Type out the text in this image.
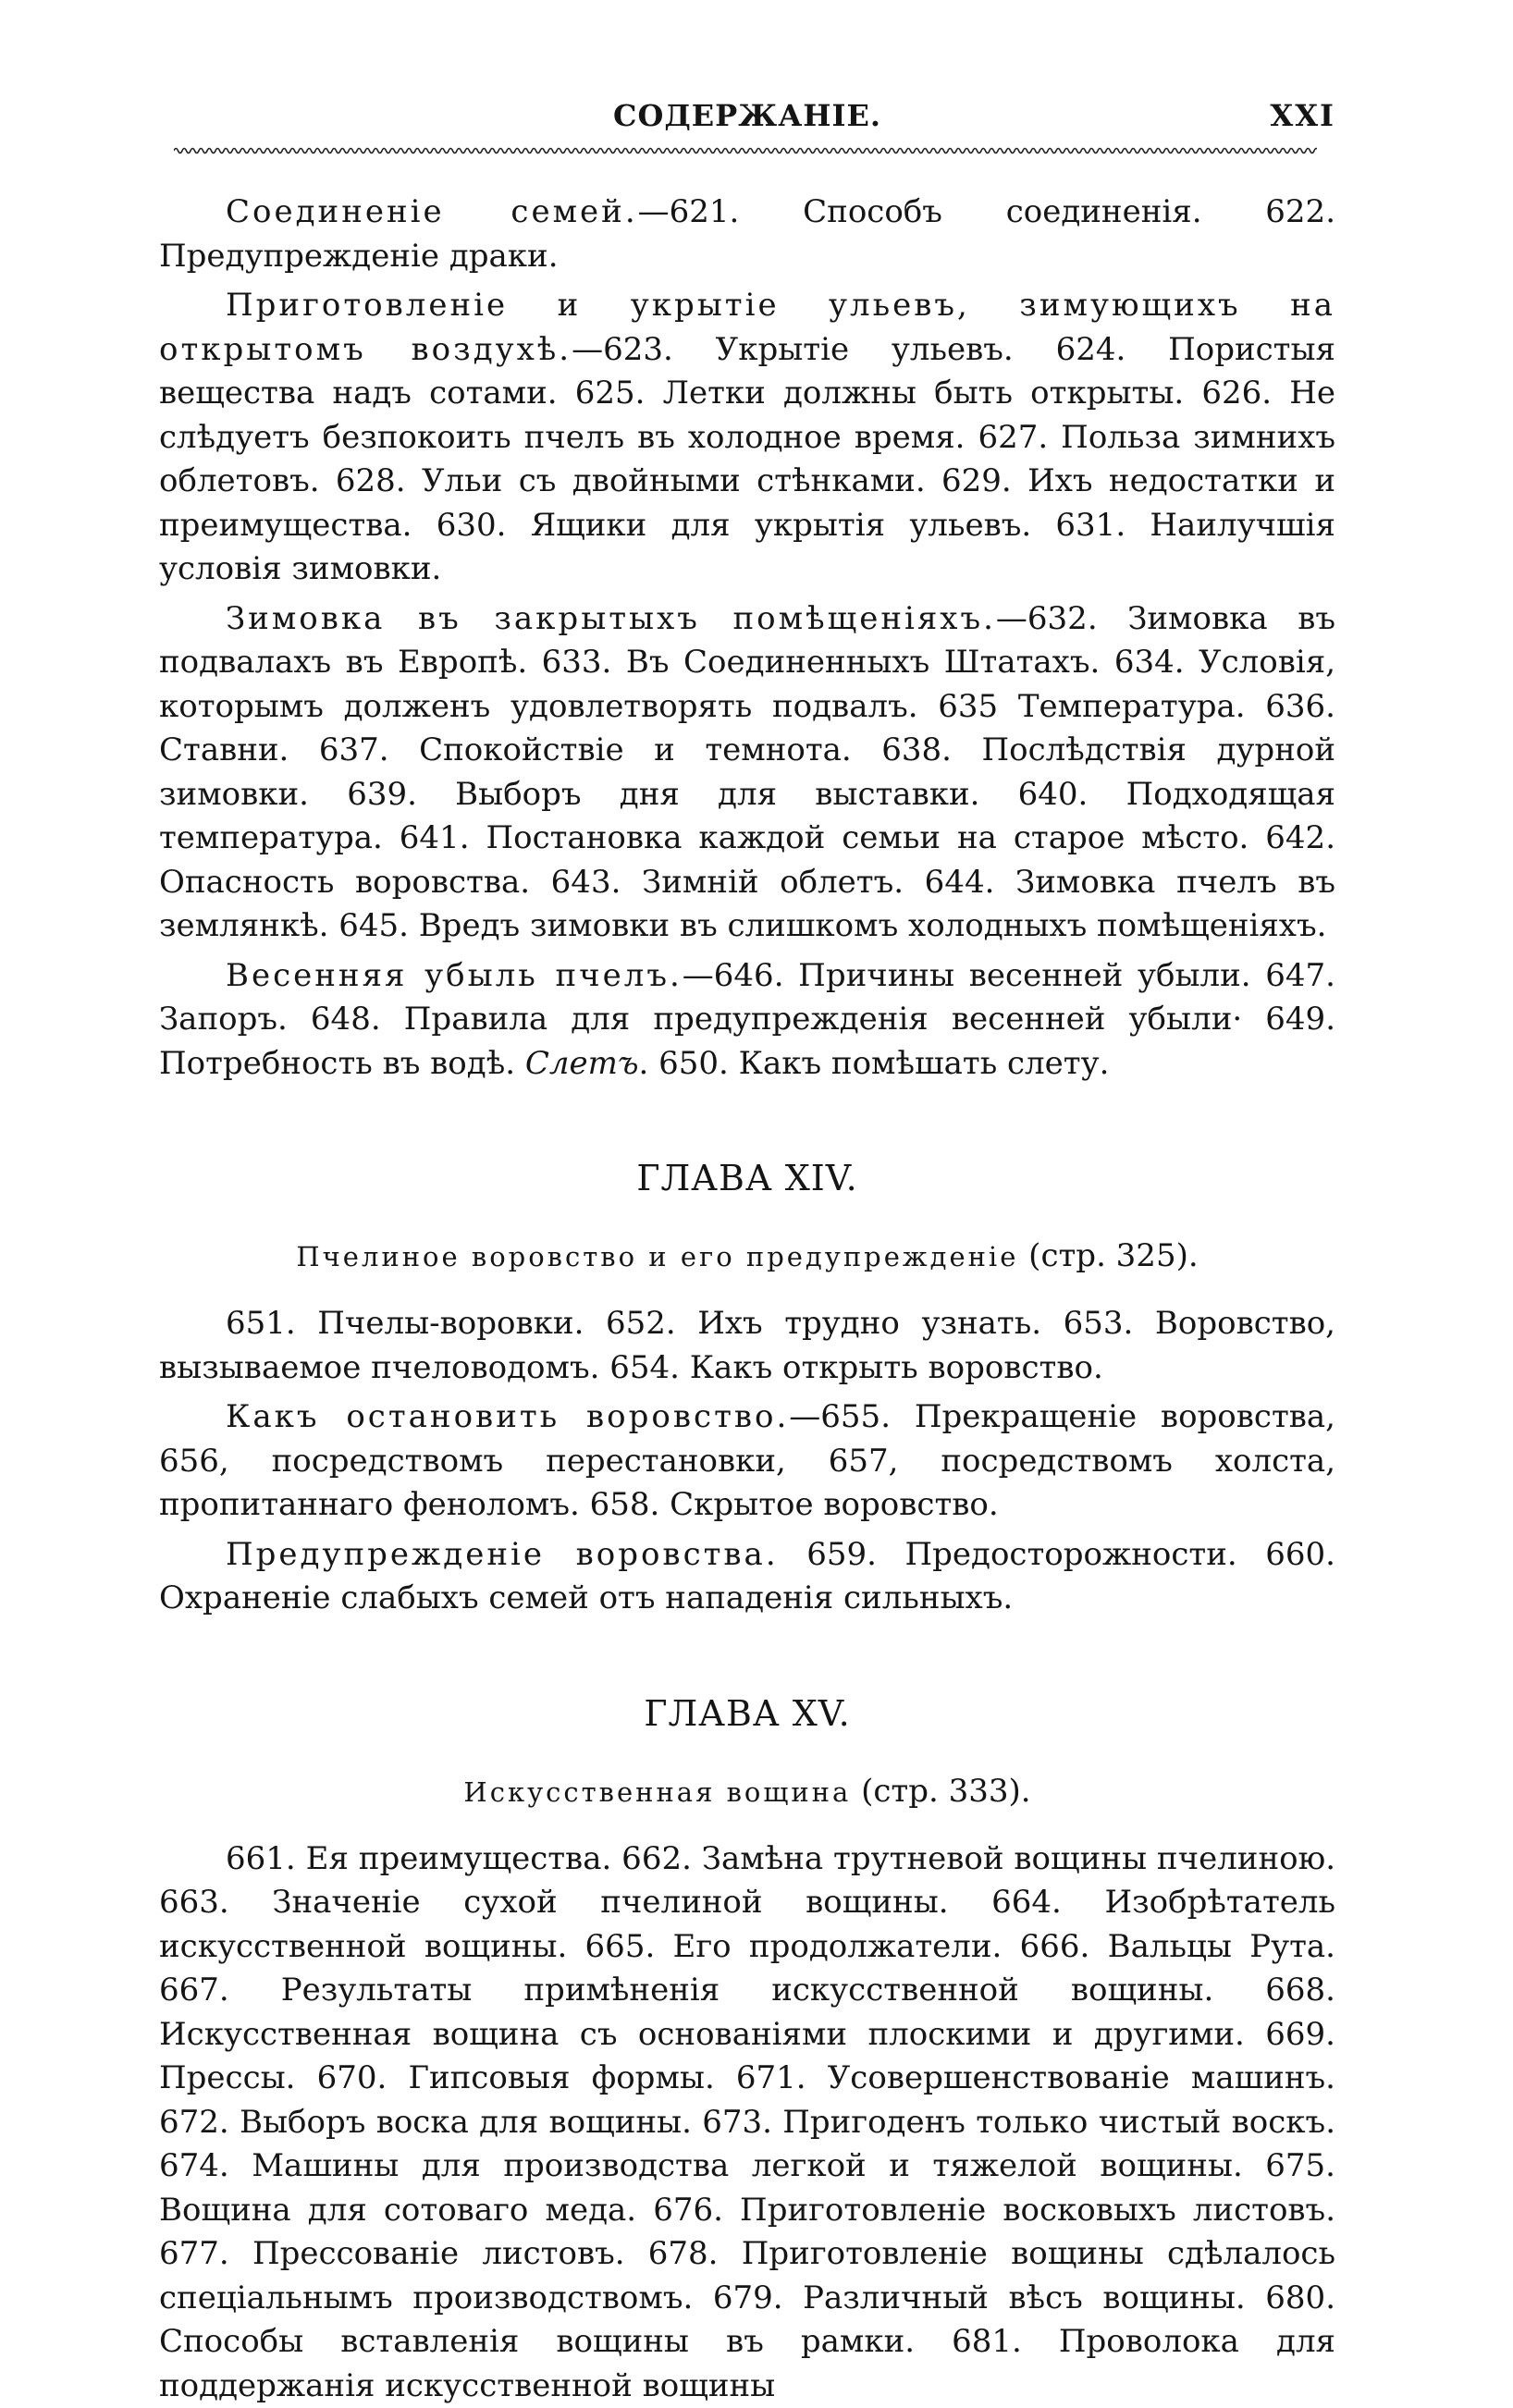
СОДЕРЖАНІЕ.	XXI

Соединеніе семей.—621. Способъ соединенія. 622. Предупрежденіе драки.

Приготовленіе и укрытіе ульевъ, зимующихъ на открытомъ воздухѣ.—623. Укрытіе ульевъ. 624. Пористыя вещества надъ сотами. 625. Летки должны быть открыты. 626. Не слѣдуетъ безпокоить пчелъ въ холодное время. 627. Польза зимнихъ облетовъ. 628. Ульи съ двойными стѣнками. 629. Ихъ недостатки и преимущества. 630. Ящики для укрытія ульевъ. 631. Наилучшія условія зимовки.

Зимовка въ закрытыхъ помѣщеніяхъ.—632. Зимовка въ подвалахъ въ Европѣ. 633. Въ Соединенныхъ Штатахъ. 634. Условія, которымъ долженъ удовлетворять подвалъ. 635 Температура. 636. Ставни. 637. Спокойствіе и темнота. 638. Послѣдствія дурной зимовки. 639. Выборъ дня для выставки. 640. Подходящая температура. 641. Постановка каждой семьи на старое мѣсто. 642. Опасность воровства. 643. Зимній облетъ. 644. Зимовка пчелъ въ землянкѣ. 645. Вредъ зимовки въ слишкомъ холодныхъ помѣщеніяхъ.

Весенняя убыль пчелъ.—646. Причины весенней убыли. 647. Запоръ. 648. Правила для предупрежденія весенней убыли· 649. Потребность въ водѣ. Слетъ. 650. Какъ помѣшать слету.

ГЛАВА XIV.
Пчелиное воровство и его предупрежденіе (стр. 325).

651. Пчелы-воровки. 652. Ихъ трудно узнать. 653. Воровство, вызываемое пчеловодомъ. 654. Какъ открыть воровство.

Какъ остановить воровство.—655. Прекращеніе воровства, 656, посредствомъ перестановки, 657, посредствомъ холста, пропитаннаго феноломъ. 658. Скрытое воровство.

Предупрежденіе воровства. 659. Предосторожности. 660. Охраненіе слабыхъ семей отъ нападенія сильныхъ.

ГЛАВА XV.
Искусственная вощина (стр. 333).

661. Ея преимущества. 662. Замѣна трутневой вощины пчелиною. 663. Значеніе сухой пчелиной вощины. 664. Изобрѣтатель искусственной вощины. 665. Его продолжатели. 666. Вальцы Рута. 667. Результаты примѣненія искусственной вощины. 668. Искусственная вощина съ основаніями плоскими и другими. 669. Прессы. 670. Гипсовыя формы. 671. Усовершенствованіе машинъ. 672. Выборъ воска для вощины. 673. Пригоденъ только чистый воскъ. 674. Машины для производства легкой и тяжелой вощины. 675. Вощина для сотоваго меда. 676. Приготовленіе восковыхъ листовъ. 677. Прессованіе листовъ. 678. Приготовленіе вощины сдѣлалось спеціальнымъ производствомъ. 679. Различный вѣсъ вощины. 680. Способы вставленія вощины въ рамки. 681. Проволока для поддержанія искусственной вощины
